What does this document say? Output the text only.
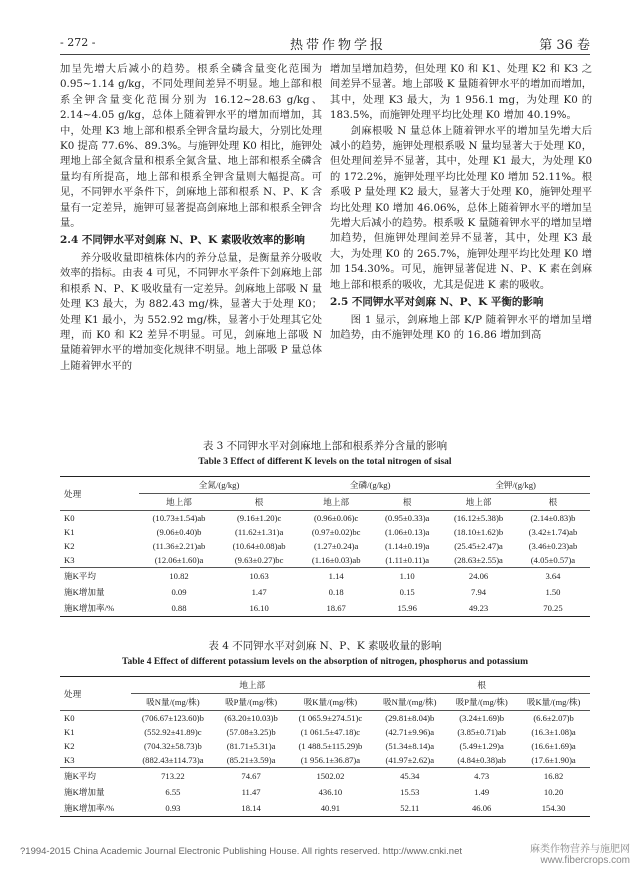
- 272 -	热带作物学报	第 36 卷

加呈先增大后减小的趋势。根系全磷含量变化范围为 0.95~1.14 g/kg，不同处理间差异不明显。地上部和根系全钾含量变化范围分别为 16.12~28.63 g/kg、2.14~4.05 g/kg，总体上随着钾水平的增加而增加，其中，处理 K3 地上部和根系全钾含量均最大，分别比处理 K0 提高 77.6%、89.3%。与施钾处理 K0 相比，施钾处理地上部全氮含量和根系全氮含量、地上部和根系全磷含量均有所提高，地上部和根系全钾含量则大幅提高。可见，不同钾水平条件下，剑麻地上部和根系 N、P、K 含量有一定差异，施钾可显著提高剑麻地上部和根系全钾含量。

2.4 不同钾水平对剑麻 N、P、K 素吸收效率的影响

养分吸收量即植株体内的养分总量，是衡量养分吸收效率的指标。由表 4 可见，不同钾水平条件下剑麻地上部和根系 N、P、K 吸收量有一定差异。剑麻地上部吸 N 量处理 K3 最大，为 882.43 mg/株，显著大于处理 K0；处理 K1 最小，为 552.92 mg/株，显著小于处理其它处理，而 K0 和 K2 差异不明显。可见，剑麻地上部吸 N 量随着钾水平的增加变化规律不明显。地上部吸 P 量总体上随着钾水平的

增加呈增加趋势，但处理 K0 和 K1、处理 K2 和 K3 之间差异不显著。地上部吸 K 量随着钾水平的增加而增加，其中，处理 K3 最大，为 1 956.1 mg，为处理 K0 的 183.5%，而施钾处理平均比处理 K0 增加 40.19%。

剑麻根吸 N 量总体上随着钾水平的增加呈先增大后减小的趋势，施钾处理根系吸 N 量均显著大于处理 K0，但处理间差异不显著，其中，处理 K1 最大，为处理 K0 的 172.2%，施钾处理平均比处理 K0 增加 52.11%。根系吸 P 量处理 K2 最大，显著大于处理 K0，施钾处理平均比处理 K0 增加 46.06%，总体上随着钾水平的增加呈先增大后减小的趋势。根系吸 K 量随着钾水平的增加呈增加趋势，但施钾处理间差异不显著，其中，处理 K3 最大，为处理 K0 的 265.7%，施钾处理平均比处理 K0 增加 154.30%。可见，施钾显著促进 N、P、K 素在剑麻地上部和根系的吸收，尤其是促进 K 素的吸收。

2.5 不同钾水平对剑麻 N、P、K 平衡的影响

图 1 显示，剑麻地上部 K/P 随着钾水平的增加呈增加趋势，由不施钾处理 K0 的 16.86 增加到高

表 3 不同钾水平对剑麻地上部和根系养分含量的影响
Table 3 Effect of different K levels on the total nitrogen of sisal
处理	全氮/(g/kg)		全磷/(g/kg)		全钾/(g/kg)	
	地上部	根	地上部	根	地上部	根
K0	(10.73±1.54)ab	(9.16±1.20)c	(0.96±0.06)c	(0.95±0.33)a	(16.12±5.38)b	(2.14±0.83)b
K1	(9.06±0.40)b	(11.62±1.31)a	(0.97±0.02)bc	(1.06±0.13)a	(18.10±1.62)b	(3.42±1.74)ab
K2	(11.36±2.21)ab	(10.64±0.08)ab	(1.27±0.24)a	(1.14±0.19)a	(25.45±2.47)a	(3.46±0.23)ab
K3	(12.06±1.60)a	(9.63±0.27)bc	(1.16±0.03)ab	(1.11±0.11)a	(28.63±2.55)a	(4.05±0.57)a
施K平均	10.82	10.63	1.14	1.10	24.06	3.64
施K增加量	0.09	1.47	0.18	0.15	7.94	1.50
施K增加率/%	0.88	16.10	18.67	15.96	49.23	70.25
表 4 不同钾水平对剑麻 N、P、K 素吸收量的影响
Table 4 Effect of different potassium levels on the absorption of nitrogen, phosphorus and potassium
处理	地上部			根		
	吸N量/(mg/株)	吸P量/(mg/株)	吸K量/(mg/株)	吸N量/(mg/株)	吸P量/(mg/株)	吸K量/(mg/株)
K0	(706.67±123.60)b	(63.20±10.03)b	(1 065.9±274.51)c	(29.81±8.04)b	(3.24±1.69)b	(6.6±2.07)b
K1	(552.92±41.89)c	(57.08±3.25)b	(1 061.5±47.18)c	(42.71±9.96)a	(3.85±0.71)ab	(16.3±1.08)a
K2	(704.32±58.73)b	(81.71±5.31)a	(1 488.5±115.29)b	(51.34±8.14)a	(5.49±1.29)a	(16.6±1.69)a
K3	(882.43±114.73)a	(85.21±3.59)a	(1 956.1±36.87)a	(41.97±2.62)a	(4.84±0.38)ab	(17.6±1.90)a
施K平均	713.22	74.67	1502.02	45.34	4.73	16.82
施K增加量	6.55	11.47	436.10	15.53	1.49	10.20
施K增加率/%	0.93	18.14	40.91	52.11	46.06	154.30
?1994-2015 China Academic Journal Electronic Publishing House. All rights reserved. http://www.cnki.net	麻类作物营养与施肥网
www.fibercrops.com
